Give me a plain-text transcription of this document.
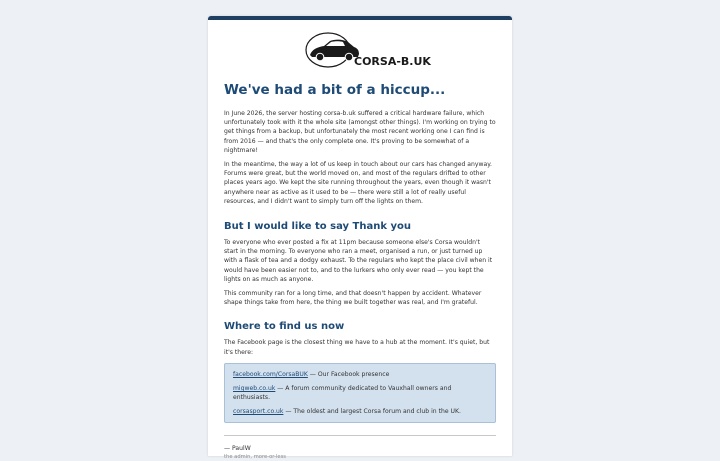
CORSA-B.UK
We've had a bit of a hiccup...

In June 2026, the server hosting corsa-b.uk suffered a critical hardware failure, which unfortunately took with it the whole site (amongst other things). I'm working on trying to get things from a backup, but unfortunately the most recent working one I can find is from 2016 — and that's the only complete one. It's proving to be somewhat of a nightmare!

In the meantime, the way a lot of us keep in touch about our cars has changed anyway. Forums were great, but the world moved on, and most of the regulars drifted to other places years ago. We kept the site running throughout the years, even though it wasn't anywhere near as active as it used to be — there were still a lot of really useful resources, and I didn't want to simply turn off the lights on them.

But I would like to say Thank you

To everyone who ever posted a fix at 11pm because someone else's Corsa wouldn't start in the morning. To everyone who ran a meet, organised a run, or just turned up with a flask of tea and a dodgy exhaust. To the regulars who kept the place civil when it would have been easier not to, and to the lurkers who only ever read — you kept the lights on as much as anyone.

This community ran for a long time, and that doesn't happen by accident. Whatever shape things take from here, the thing we built together was real, and I'm grateful.

Where to find us now

The Facebook page is the closest thing we have to a hub at the moment. It's quiet, but it's there:

facebook.com/CorsaBUK — Our Facebook presence
migweb.co.uk — A forum community dedicated to Vauxhall owners and enthusiasts.
corsasport.co.uk — The oldest and largest Corsa forum and club in the UK.
— PaulW
the admin, more-or-less
